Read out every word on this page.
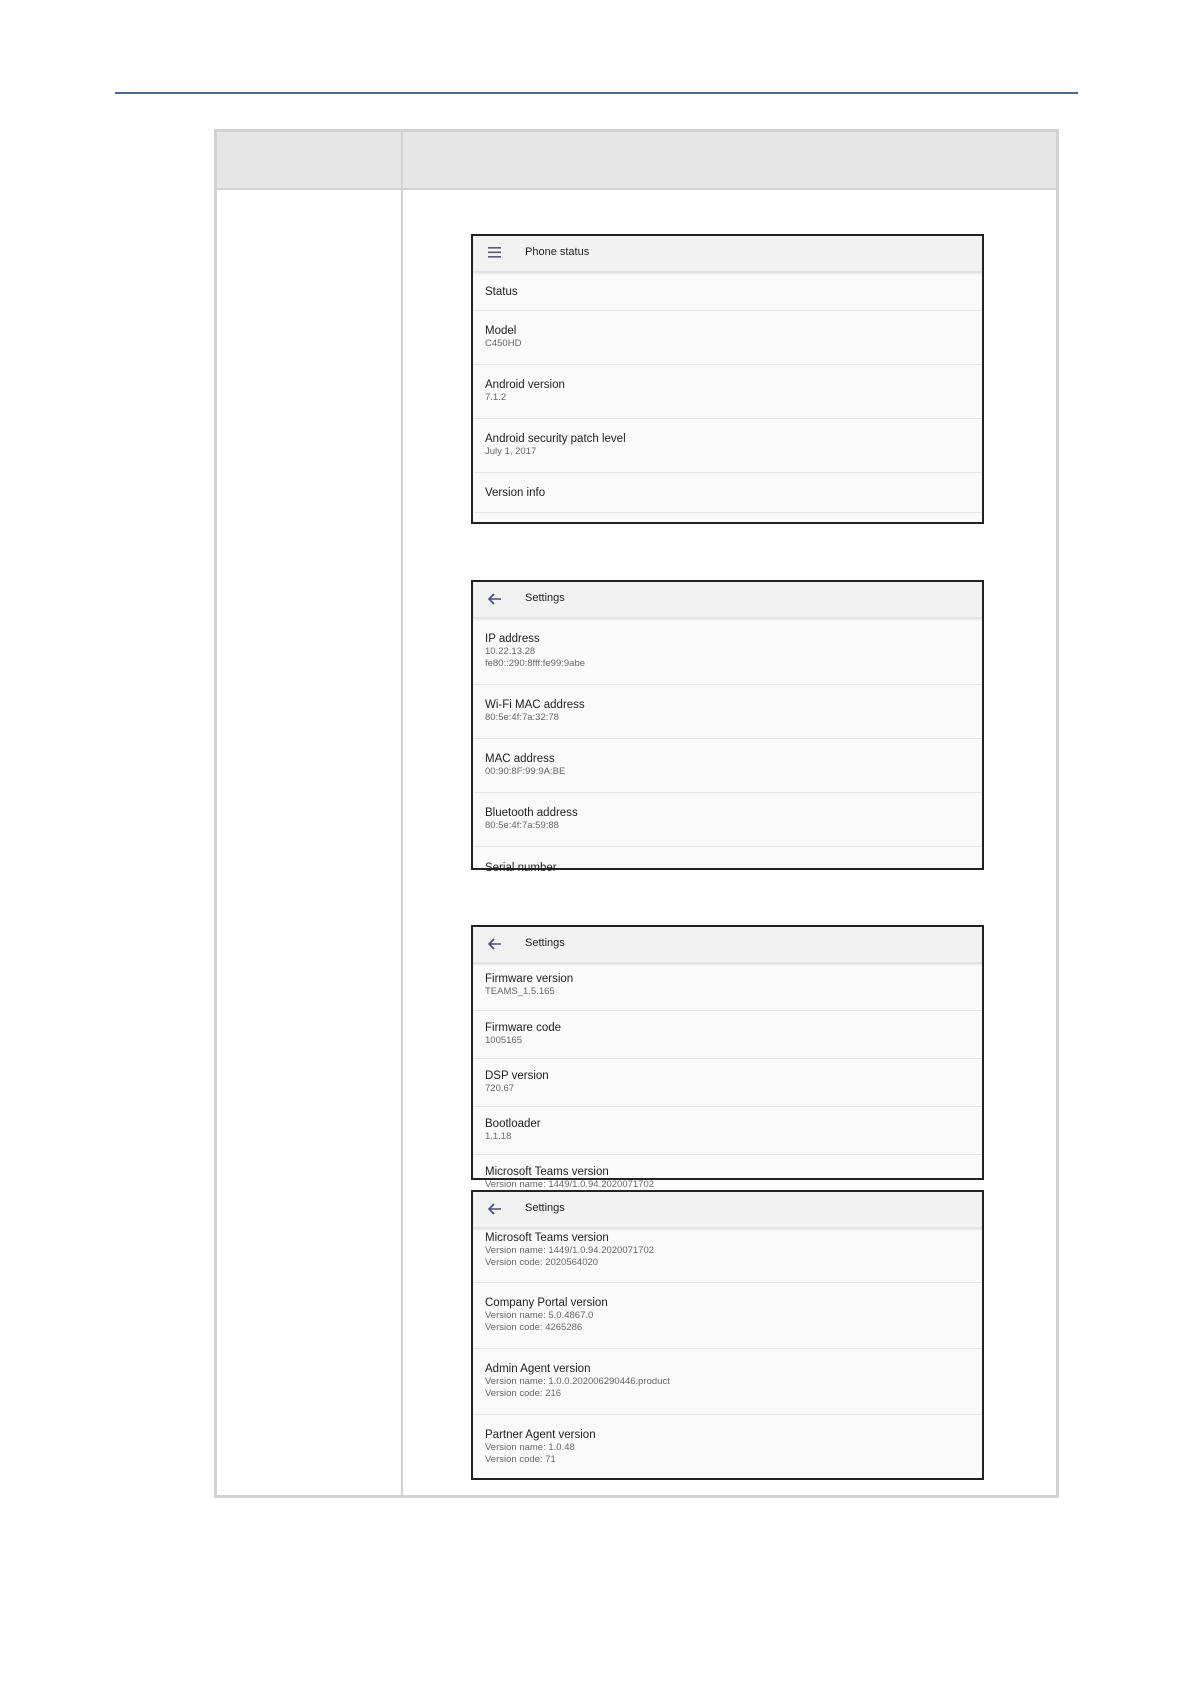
Phone status
Status
Model
C450HD
Android version
7.1.2
Android security patch level
July 1, 2017
Version info
Settings
IP address
10.22.13.28
fe80::290:8fff:fe99:9abe
Wi-Fi MAC address
80:5e:4f:7a:32:78
MAC address
00:90:8F:99:9A:BE
Bluetooth address
80:5e:4f:7a:59:88
Serial number
Settings
Firmware version
TEAMS_1.5.165
Firmware code
1005165
DSP version
720.67
Bootloader
1.1.18
Microsoft Teams version
Version name: 1449/1.0.94.2020071702
Settings
Microsoft Teams version
Version name: 1449/1.0.94.2020071702
Version code: 2020564020
Company Portal version
Version name: 5.0.4867.0
Version code: 4265286
Admin Agent version
Version name: 1.0.0.202006290446.product
Version code: 216
Partner Agent version
Version name: 1.0.48
Version code: 71
